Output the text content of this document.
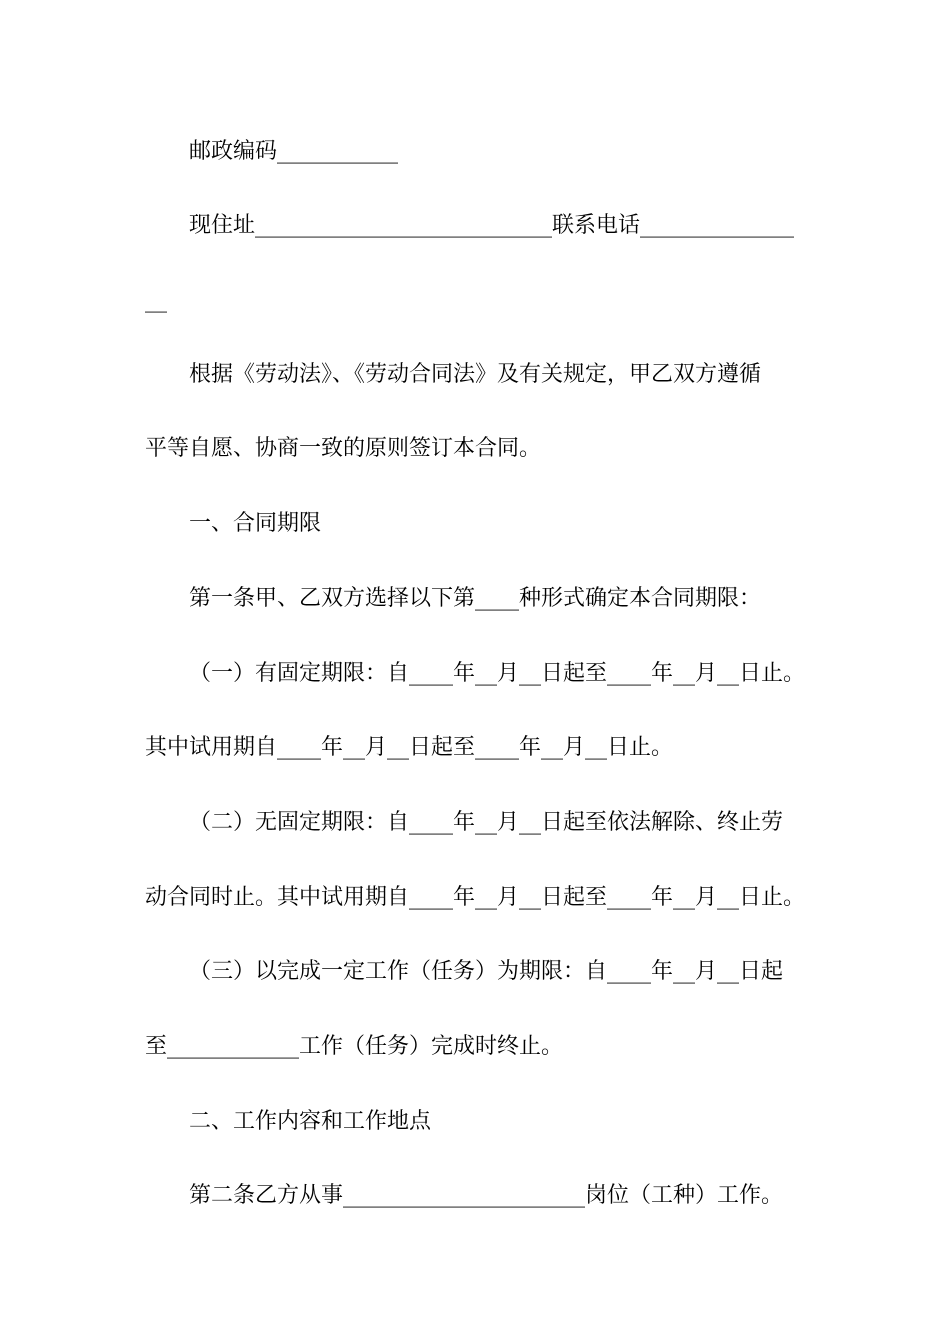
邮政编码___________
现住址___________________________联系电话______________
__
根据《劳动法》、《劳动合同法》及有关规定，甲乙双方遵循
平等自愿、协商一致的原则签订本合同。
一、合同期限
第一条甲、乙双方选择以下第____种形式确定本合同期限：
（一）有固定期限：自____年__月__日起至____年__月__日止。
其中试用期自____年__月__日起至____年__月__日止。
（二）无固定期限：自____年__月__日起至依法解除、终止劳
动合同时止。其中试用期自____年__月__日起至____年__月__日止。
（三）以完成一定工作（任务）为期限：自____年__月__日起
至____________工作（任务）完成时终止。
二、工作内容和工作地点
第二条乙方从事______________________岗位（工种）工作。
